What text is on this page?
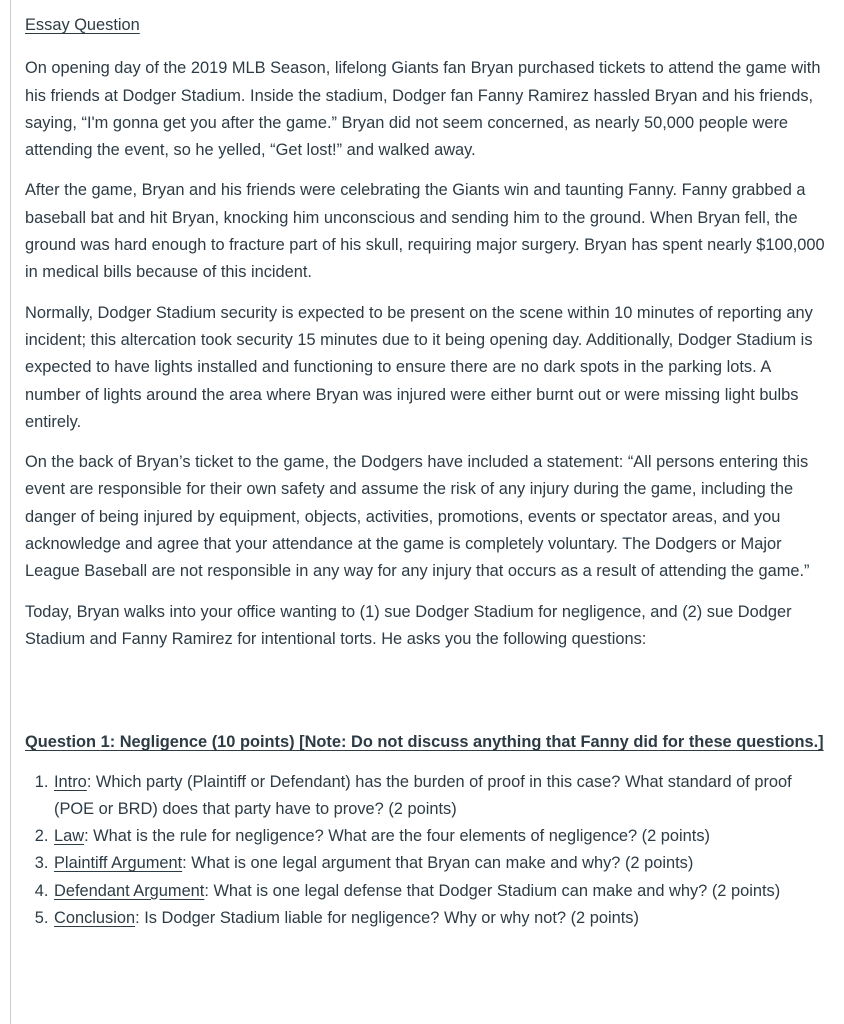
Essay Question

On opening day of the 2019 MLB Season, lifelong Giants fan Bryan purchased tickets to attend the game with his friends at Dodger Stadium. Inside the stadium, Dodger fan Fanny Ramirez hassled Bryan and his friends, saying, “I'm gonna get you after the game.” Bryan did not seem concerned, as nearly 50,000 people were attending the event, so he yelled, “Get lost!” and walked away.

After the game, Bryan and his friends were celebrating the Giants win and taunting Fanny. Fanny grabbed a baseball bat and hit Bryan, knocking him unconscious and sending him to the ground. When Bryan fell, the ground was hard enough to fracture part of his skull, requiring major surgery. Bryan has spent nearly $100,000 in medical bills because of this incident.

Normally, Dodger Stadium security is expected to be present on the scene within 10 minutes of reporting any incident; this altercation took security 15 minutes due to it being opening day. Additionally, Dodger Stadium is expected to have lights installed and functioning to ensure there are no dark spots in the parking lots. A number of lights around the area where Bryan was injured were either burnt out or were missing light bulbs entirely.

On the back of Bryan’s ticket to the game, the Dodgers have included a statement: “All persons entering this event are responsible for their own safety and assume the risk of any injury during the game, including the danger of being injured by equipment, objects, activities, promotions, events or spectator areas, and you acknowledge and agree that your attendance at the game is completely voluntary. The Dodgers or Major League Baseball are not responsible in any way for any injury that occurs as a result of attending the game.”

Today, Bryan walks into your office wanting to (1) sue Dodger Stadium for negligence, and (2) sue Dodger Stadium and Fanny Ramirez for intentional torts. He asks you the following questions:

Question 1: Negligence (10 points) [Note: Do not discuss anything that Fanny did for these questions.]
1. Intro: Which party (Plaintiff or Defendant) has the burden of proof in this case? What standard of proof (POE or BRD) does that party have to prove? (2 points)
2. Law: What is the rule for negligence? What are the four elements of negligence? (2 points)
3. Plaintiff Argument: What is one legal argument that Bryan can make and why? (2 points)
4. Defendant Argument: What is one legal defense that Dodger Stadium can make and why? (2 points)
5. Conclusion: Is Dodger Stadium liable for negligence? Why or why not? (2 points)
